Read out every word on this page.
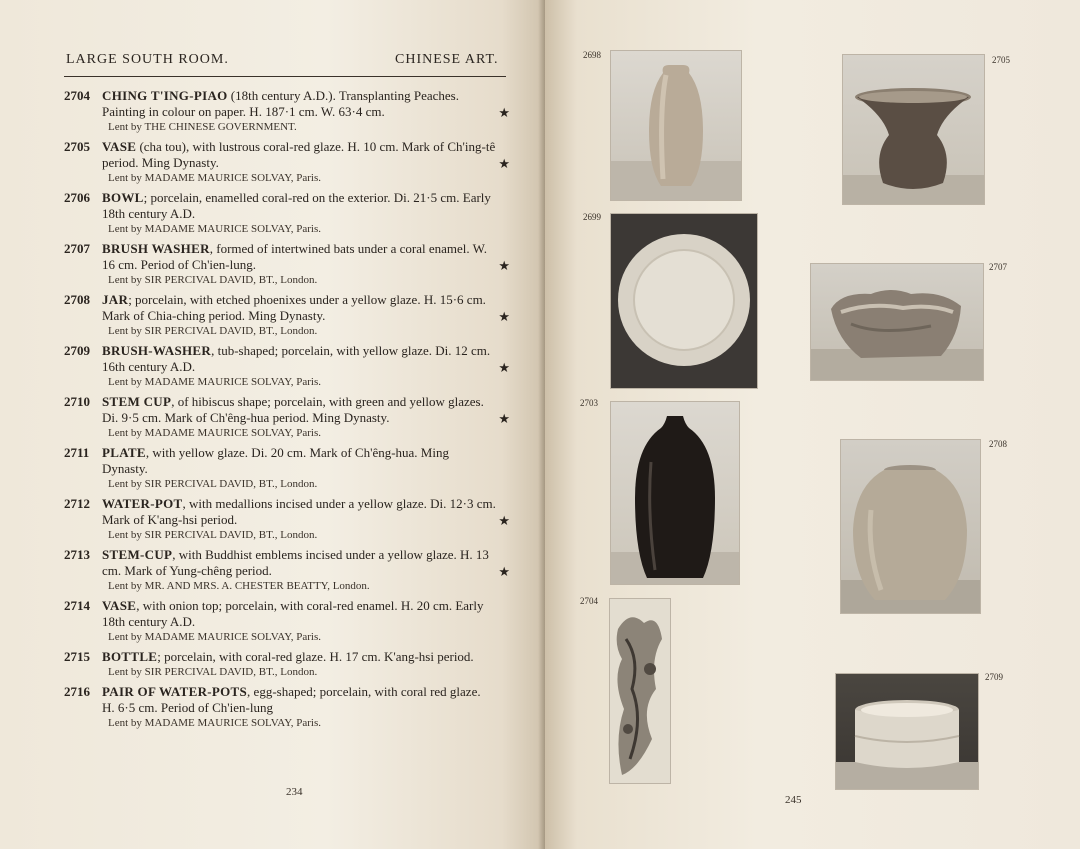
LARGE SOUTH ROOM.	CHINESE ART.
2704 CHING T'ING-PIAO (18th century A.D.). Transplanting Peaches. Painting in colour on paper. H. 187·1 cm. W. 63·4 cm.
Lent by THE CHINESE GOVERNMENT.
★
2705 VASE (cha tou), with lustrous coral-red glaze. H. 10 cm. Mark of Ch'ing-tê period. Ming Dynasty.
Lent by MADAME MAURICE SOLVAY, Paris.
★
2706 BOWL; porcelain, enamelled coral-red on the exterior. Di. 21·5 cm. Early 18th century A.D.
Lent by MADAME MAURICE SOLVAY, Paris.
2707 BRUSH WASHER, formed of intertwined bats under a coral enamel. W. 16 cm. Period of Ch'ien-lung.
Lent by SIR PERCIVAL DAVID, BT., London.
★
2708 JAR; porcelain, with etched phoenixes under a yellow glaze. H. 15·6 cm. Mark of Chia-ching period. Ming Dynasty.
Lent by SIR PERCIVAL DAVID, BT., London.
★
2709 BRUSH-WASHER, tub-shaped; porcelain, with yellow glaze. Di. 12 cm. 16th century A.D.
Lent by MADAME MAURICE SOLVAY, Paris.
★
2710 STEM CUP, of hibiscus shape; porcelain, with green and yellow glazes. Di. 9·5 cm. Mark of Ch'êng-hua period. Ming Dynasty.
Lent by MADAME MAURICE SOLVAY, Paris.
★
2711 PLATE, with yellow glaze. Di. 20 cm. Mark of Ch'êng-hua. Ming Dynasty.
Lent by SIR PERCIVAL DAVID, BT., London.
2712 WATER-POT, with medallions incised under a yellow glaze. Di. 12·3 cm. Mark of K'ang-hsi period.
Lent by SIR PERCIVAL DAVID, BT., London.
★
2713 STEM-CUP, with Buddhist emblems incised under a yellow glaze. H. 13 cm. Mark of Yung-chêng period.
Lent by MR. AND MRS. A. CHESTER BEATTY, London.
★
2714 VASE, with onion top; porcelain, with coral-red enamel. H. 20 cm. Early 18th century A.D.
Lent by MADAME MAURICE SOLVAY, Paris.
2715 BOTTLE; porcelain, with coral-red glaze. H. 17 cm. K'ang-hsi period.
Lent by SIR PERCIVAL DAVID, BT., London.
2716 PAIR OF WATER-POTS, egg-shaped; porcelain, with coral red glaze. H. 6·5 cm. Period of Ch'ien-lung
Lent by MADAME MAURICE SOLVAY, Paris.
234
2698	2705
2699
2707
2703
2708
2704
2709
245
